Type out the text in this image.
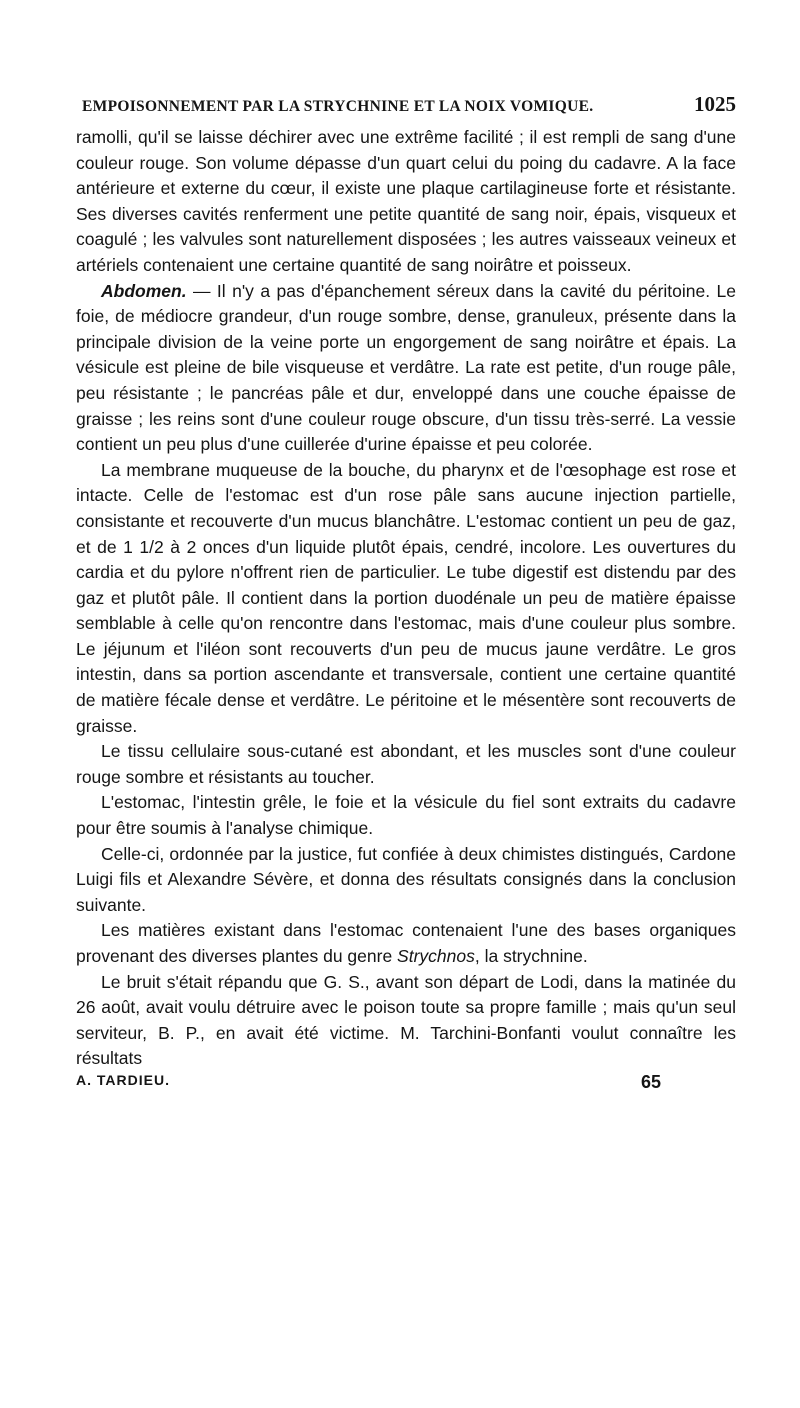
EMPOISONNEMENT PAR LA STRYCHNINE ET LA NOIX VOMIQUE.	1025

ramolli, qu'il se laisse déchirer avec une extrême facilité ; il est rempli de sang d'une couleur rouge. Son volume dépasse d'un quart celui du poing du cadavre. A la face antérieure et externe du cœur, il existe une plaque cartilagineuse forte et résistante. Ses diverses cavités renferment une petite quantité de sang noir, épais, visqueux et coagulé ; les valvules sont naturellement disposées ; les autres vaisseaux veineux et artériels contenaient une certaine quantité de sang noirâtre et poisseux.

Abdomen. — Il n'y a pas d'épanchement séreux dans la cavité du péritoine. Le foie, de médiocre grandeur, d'un rouge sombre, dense, granuleux, présente dans la principale division de la veine porte un engorgement de sang noirâtre et épais. La vésicule est pleine de bile visqueuse et verdâtre. La rate est petite, d'un rouge pâle, peu résistante ; le pancréas pâle et dur, enveloppé dans une couche épaisse de graisse ; les reins sont d'une couleur rouge obscure, d'un tissu très-serré. La vessie contient un peu plus d'une cuillerée d'urine épaisse et peu colorée.

La membrane muqueuse de la bouche, du pharynx et de l'œsophage est rose et intacte. Celle de l'estomac est d'un rose pâle sans aucune injection partielle, consistante et recouverte d'un mucus blanchâtre. L'estomac contient un peu de gaz, et de 1 1/2 à 2 onces d'un liquide plutôt épais, cendré, incolore. Les ouvertures du cardia et du pylore n'offrent rien de particulier. Le tube digestif est distendu par des gaz et plutôt pâle. Il contient dans la portion duodénale un peu de matière épaisse semblable à celle qu'on rencontre dans l'estomac, mais d'une couleur plus sombre. Le jéjunum et l'iléon sont recouverts d'un peu de mucus jaune verdâtre. Le gros intestin, dans sa portion ascendante et transversale, contient une certaine quantité de matière fécale dense et verdâtre. Le péritoine et le mésentère sont recouverts de graisse.

Le tissu cellulaire sous-cutané est abondant, et les muscles sont d'une couleur rouge sombre et résistants au toucher.

L'estomac, l'intestin grêle, le foie et la vésicule du fiel sont extraits du cadavre pour être soumis à l'analyse chimique.

Celle-ci, ordonnée par la justice, fut confiée à deux chimistes distingués, Cardone Luigi fils et Alexandre Sévère, et donna des résultats consignés dans la conclusion suivante.

Les matières existant dans l'estomac contenaient l'une des bases organiques provenant des diverses plantes du genre Strychnos, la strychnine.

Le bruit s'était répandu que G. S., avant son départ de Lodi, dans la matinée du 26 août, avait voulu détruire avec le poison toute sa propre famille ; mais qu'un seul serviteur, B. P., en avait été victime. M. Tarchini-Bonfanti voulut connaître les résultats

A. TARDIEU.	65
